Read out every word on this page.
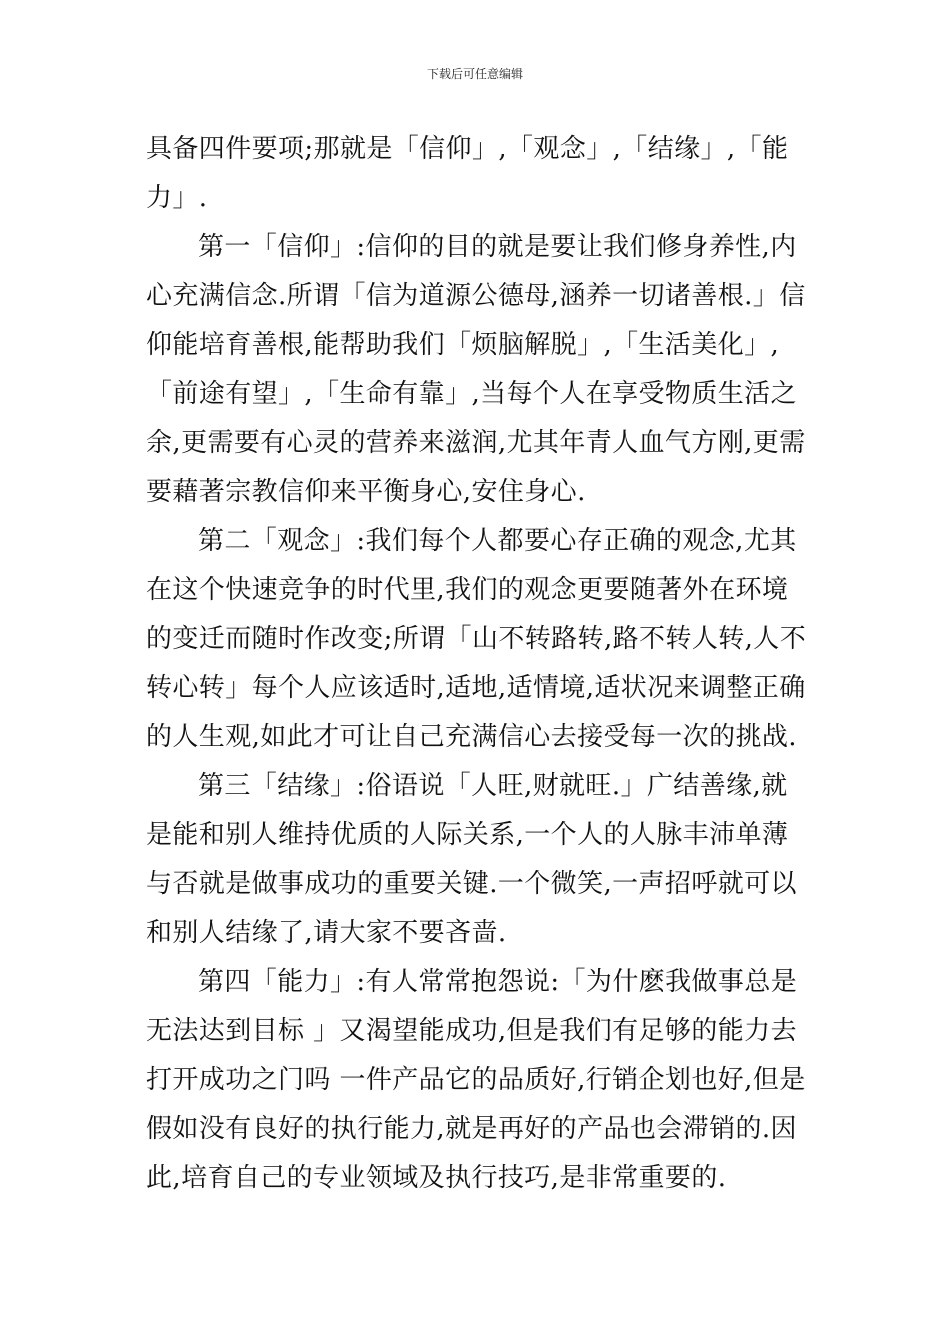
下载后可任意编辑

具备四件要项;那就是「信仰」,「观念」,「结缘」,「能力」.

第一「信仰」:信仰的目的就是要让我们修身养性,内心充满信念.所谓「信为道源公德母,涵养一切诸善根.」信仰能培育善根,能帮助我们「烦脑解脱」,「生活美化」,「前途有望」,「生命有靠」,当每个人在享受物质生活之余,更需要有心灵的营养来滋润,尤其年青人血气方刚,更需要藉著宗教信仰来平衡身心,安住身心.

第二「观念」:我们每个人都要心存正确的观念,尤其在这个快速竞争的时代里,我们的观念更要随著外在环境的变迁而随时作改变;所谓「山不转路转,路不转人转,人不转心转」每个人应该适时,适地,适情境,适状况来调整正确的人生观,如此才可让自己充满信心去接受每一次的挑战.

第三「结缘」:俗语说「人旺,财就旺.」广结善缘,就是能和别人维持优质的人际关系,一个人的人脉丰沛单薄与否就是做事成功的重要关键.一个微笑,一声招呼就可以和别人结缘了,请大家不要吝啬.

第四「能力」:有人常常抱怨说:「为什麽我做事总是无法达到目标 」又渴望能成功,但是我们有足够的能力去打开成功之门吗 一件产品它的品质好,行销企划也好,但是假如没有良好的执行能力,就是再好的产品也会滞销的.因此,培育自己的专业领域及执行技巧,是非常重要的.
